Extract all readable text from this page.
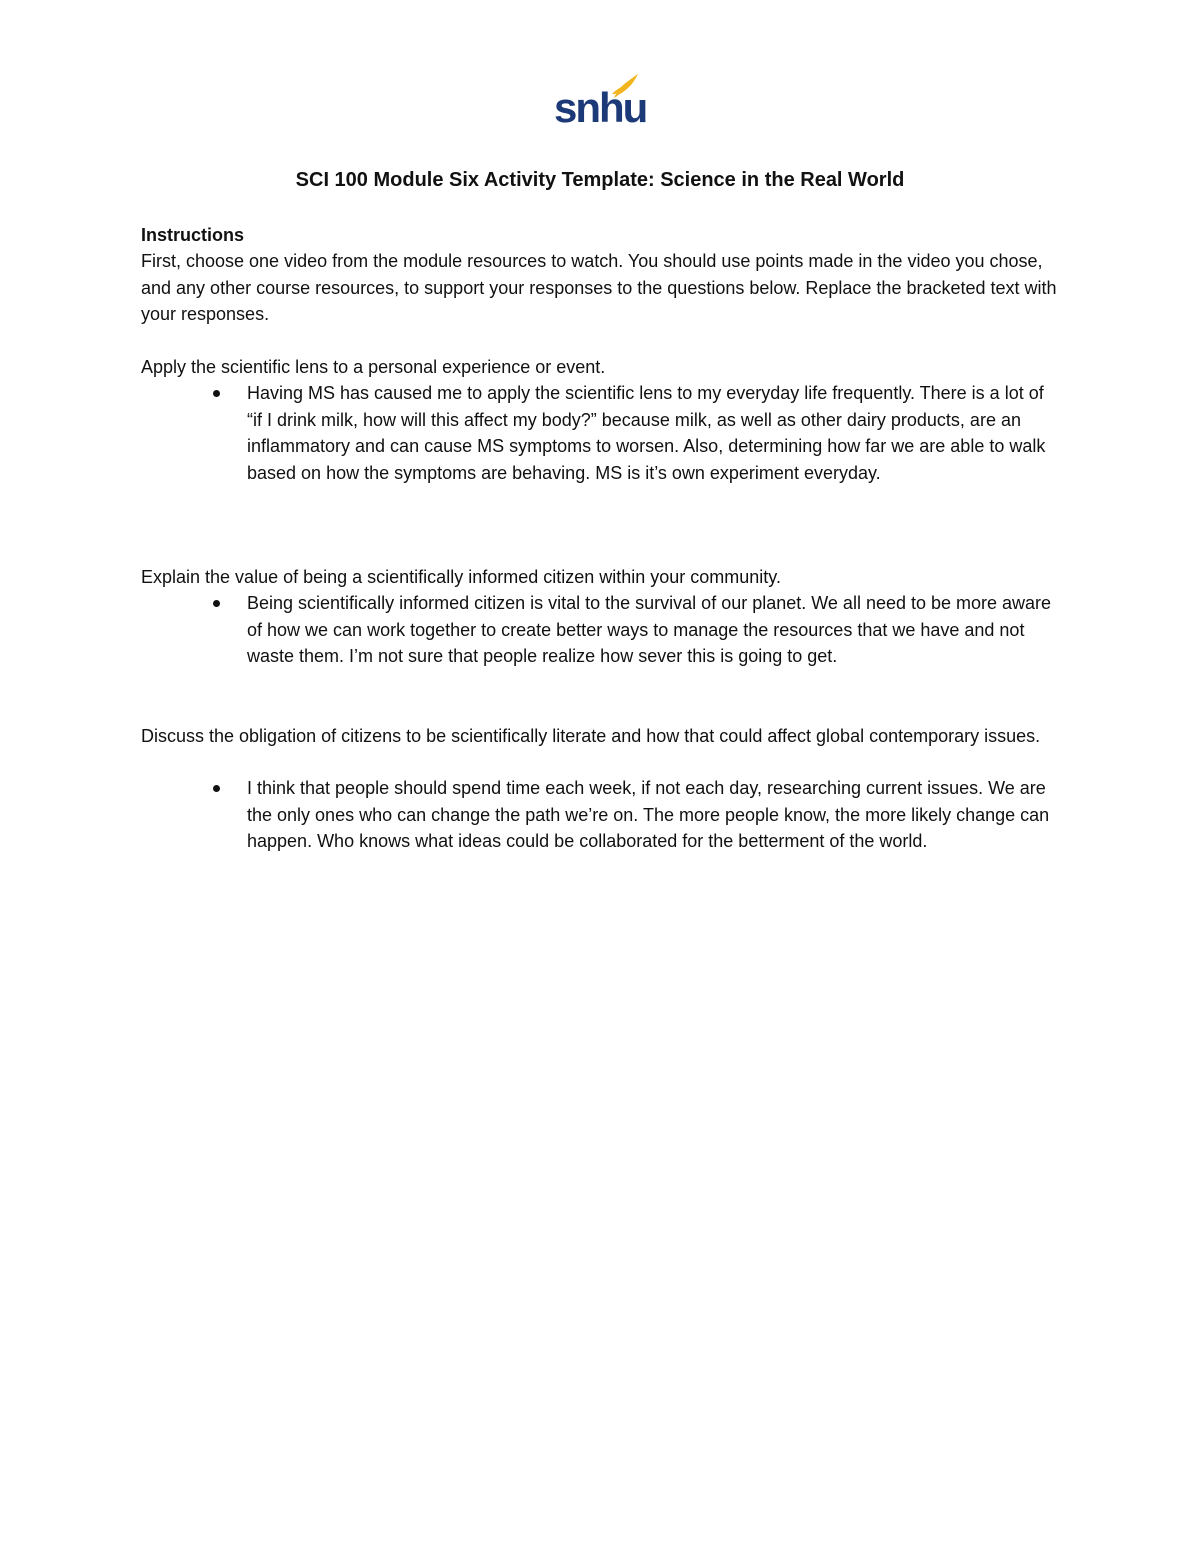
snhu
SCI 100 Module Six Activity Template: Science in the Real World
Instructions
First, choose one video from the module resources to watch. You should use points made in the video you chose, and any other course resources, to support your responses to the questions below. Replace the bracketed text with your responses.
Apply the scientific lens to a personal experience or event.
Having MS has caused me to apply the scientific lens to my everyday life frequently. There is a lot of “if I drink milk, how will this affect my body?” because milk, as well as other dairy products, are an inflammatory and can cause MS symptoms to worsen. Also, determining how far we are able to walk based on how the symptoms are behaving. MS is it’s own experiment everyday.
Explain the value of being a scientifically informed citizen within your community.
Being scientifically informed citizen is vital to the survival of our planet. We all need to be more aware of how we can work together to create better ways to manage the resources that we have and not waste them. I’m not sure that people realize how sever this is going to get.
Discuss the obligation of citizens to be scientifically literate and how that could affect global contemporary issues.
I think that people should spend time each week, if not each day, researching current issues. We are the only ones who can change the path we’re on. The more people know, the more likely change can happen. Who knows what ideas could be collaborated for the betterment of the world.
